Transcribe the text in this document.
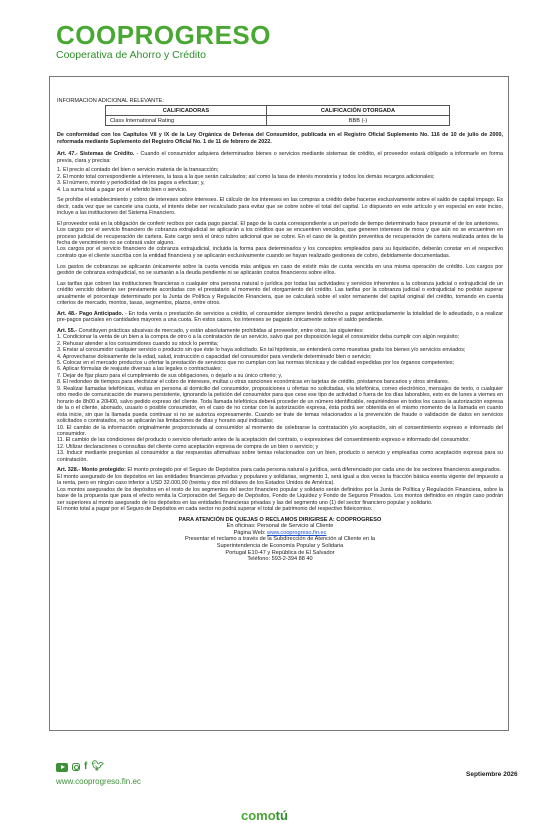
COOPROGRESO
Cooperativa de Ahorro y Crédito
INFORMACION ADICIONAL RELEVANTE:
CALIFICADORAS	CALIFICACIÓN OTORGADA
Class International Rating	BBB (-)

De conformidad con los Capítulos VII y IX de la Ley Orgánica de Defensa del Consumidor, publicada en el Registro Oficial Suplemento No. 116 de 10 de julio de 2000, reformada mediante Suplemento del Registro Oficial No. 1 de 11 de febrero de 2022.

Art. 47.- Sistemas de Crédito. - Cuando el consumidor adquiera determinados bienes o servicios mediante sistemas de crédito, el proveedor estará obligado a informarle en forma previa, clara y precisa:

1. El precio al contado del bien o servicio materia de la transacción;
2. El monto total correspondiente a intereses, la tasa a la que serán calculados; así como la tasa de interés moratoria y todos los demás recargos adicionales;
3. El número, monto y periodicidad de los pagos a efectuar; y,
4. La suma total a pagar por el referido bien o servicio.

Se prohíbe el establecimiento y cobro de intereses sobre intereses. El cálculo de los intereses en las compras a crédito debe hacerse exclusivamente sobre el saldo de capital impago. Es decir, cada vez que se cancele una cuota, el interés debe ser recalculado para evitar que se cobre sobre el total del capital. Lo dispuesto en este artículo y en especial en este inciso, incluye a las instituciones del Sistema Financiero.

El proveedor está en la obligación de conferir recibos por cada pago parcial. El pago de la cuota correspondiente a un período de tiempo determinado hace presumir el de los anteriores.

Los cargos por el servicio financiero de cobranza extrajudicial se aplicarán a los créditos que se encuentren vencidos, que generen intereses de mora y que aún no se encuentren en proceso judicial de recuperación de cartera. Este cargo será el único rubro adicional que se cobre. En el caso de la gestión preventiva de recuperación de cartera realizada antes de la fecha de vencimiento no se cobrará valor alguno.

Los cargos por el servicio financiero de cobranza extrajudicial, incluida la forma para determinarlos y los conceptos empleados para su liquidación, deberán constar en el respectivo contrato que el cliente suscriba con la entidad financiera y se aplicarán exclusivamente cuando se hayan realizado gestiones de cobro, debidamente documentadas.

Los gastos de cobranzas se aplicarán únicamente sobre la cuota vencida más antigua en caso de existir más de cuota vencida en una misma operación de crédito. Los cargos por gestión de cobranza extrajudicial, no se sumarán a la deuda pendiente ni se aplicarán costos financieros sobre ellos.

Las tarifas que cobren las instituciones financieras o cualquier otra persona natural o jurídica por todas las actividades y servicios inherentes a la cobranza judicial o extrajudicial de un crédito vencido deberán ser previamente acordadas con el prestatario al momento del otorgamiento del crédito. Las tarifas por la cobranza judicial o extrajudicial no podrán superar anualmente el porcentaje determinado por la Junta de Política y Regulación Financiera, que se calculará sobre el valor remanente del capital original del crédito, tomando en cuenta criterios de mercado, montos, tasas, segmentos, plazos, entre otros.

Art. 48.- Pago Anticipado. - En toda venta o prestación de servicios a crédito, el consumidor siempre tendrá derecho a pagar anticipadamente la totalidad de lo adeudado, o a realizar pre-pagos parciales en cantidades mayores a una cuota. En estos casos, los intereses se pagarán únicamente sobre el saldo pendiente.

Art. 55.- Constituyen prácticas abusivas de mercado, y están absolutamente prohibidas al proveedor, entre otras, las siguientes:

1. Condicionar la venta de un bien a la compra de otro o a la contratación de un servicio, salvo que por disposición legal el consumidor deba cumplir con algún requisito;
2. Rehusar atender a los consumidores cuando su stock lo permita;
3. Enviar al consumidor cualquier servicio o producto sin que éste lo haya solicitado. En tal hipótesis, se entenderá como muestras gratis los bienes y/o servicios enviados;
4. Aprovecharse dolosamente de la edad, salud, instrucción o capacidad del consumidor para venderle determinado bien o servicio;
5. Colocar en el mercado productos u ofertar la prestación de servicios que no cumplan con las normas técnicas y de calidad expedidas por los órganos competentes;
6. Aplicar fórmulas de reajuste diversas a las legales o contractuales;
7. Dejar de fijar plazo para el cumplimiento de sus obligaciones, o dejarlo a su único criterio; y,
8. El redondeo de tiempos para efectivizar el cobro de intereses, multas u otras sanciones económicas en tarjetas de crédito, préstamos bancarios y otros similares.
9. Realizar llamadas telefónicas, visitas en persona al domicilio del consumidor, proposiciones u ofertas no solicitadas, vía telefónica, correo electrónico, mensajes de texto, o cualquier otro medio de comunicación de manera persistente, ignorando la petición del consumidor para que cese ese tipo de actividad o fuera de los días laborables, esto es de lunes a viernes en horario de 8h00 a 20H00, salvo pedido expreso del cliente. Toda llamada telefónica deberá proceder de un número identificable, requiriéndose en todos los casos la autorización expresa de la o el cliente, abonado, usuario o posible consumidor, en el caso de no contar con la autorización expresa, ésta podrá ser obtenida en el mismo momento de la llamada en cuanto ésta inicie, sin que la llamada pueda continuar si no se autoriza expresamente. Cuando se trate de temas relacionados a la prevención de fraude o validación de datos en servicios solicitados o contratados, no se aplicarán las limitaciones de días y horario aquí indicadas;
10. El cambio de la información originalmente proporcionada al consumidor al momento de celebrarse la contratación y/o aceptación, sin el consentimiento expreso e informado del consumidor.
11. El cambio de las condiciones del producto o servicio ofertado antes de la aceptación del contrato, o expresiones del consentimiento expreso e informado del consumidor.
12. Utilizar declaraciones o consultas del cliente como aceptación expresa de compra de un bien o servicio; y
13. Inducir mediante preguntas al consumidor a dar respuestas afirmativas sobre temas relacionados con un bien, producto o servicio y emplearlas como aceptación expresa para su contratación.

Art. 328.- Monto protegido: El monto protegido por el Seguro de Depósitos para cada persona natural o jurídica, será diferenciado por cada uno de los sectores financieros asegurados.

El monto asegurado de los depósitos en las entidades financieras privadas y populares y solidarias, segmento 1, será igual a dos veces la fracción básica exenta vigente del impuesto a la renta, pero en ningún caso inferior a USD 32.000,00 (treinta y dos mil dólares de los Estados Unidos de América).

Los montos asegurados de los depósitos en el resto de los segmentos del sector financiero popular y solidario serán definidos por la Junta de Política y Regulación Financiera, sobre la base de la propuesta que para el efecto remita la Corporación del Seguro de Depósitos, Fondo de Liquidez y Fondo de Seguros Privados. Los montos definidos en ningún caso podrán ser superiores al monto asegurado de los depósitos en las entidades financieras privadas y las del segmento uno (1) del sector financiero popular y solidario.

El monto total a pagar por el Seguro de Depósitos en cada sector no podrá superar el total de patrimonio del respectivo fideicomiso.

PARA ATENCIÓN DE QUEJAS O RECLAMOS DIRIGIRSE A: COOPROGRESO
En oficinas: Personal de Servicio al Cliente
Página Web: www.cooprogreso.fin.ec
Presentar el reclamo a través de la Subdirección de Atención al Cliente en la
Superintendencia de Economía Popular y Solidaria
Portugal E10-47 y República de El Salvador
Teléfono: 593-2-394 88 40
f 🐦︎
www.cooprogreso.fin.ec
Septiembre 2026
comotú
